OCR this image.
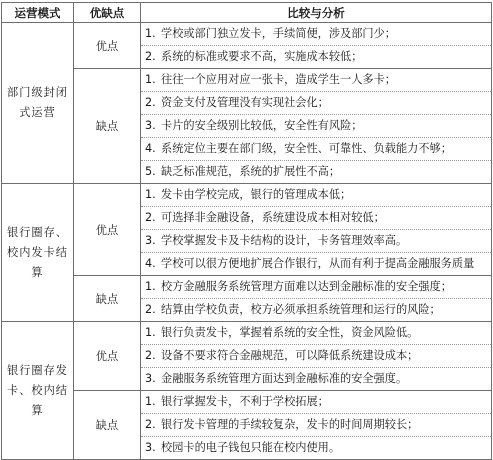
运营模式	优缺点	比较与分析
部门级封闭式运营	优点	1. 学校或部门独立发卡，手续简便，涉及部门少；
2. 系统的标准或要求不高，实施成本较低；

	缺点	1. 往往一个应用对应一张卡，造成学生一人多卡；
2. 资金支付及管理没有实现社会化；
3. 卡片的安全级别比较低，安全性有风险；
4. 系统定位主要在部门级，安全性、可靠性、负载能力不够；
5. 缺乏标准规范，系统的扩展性不高；

银行圈存、校内发卡结算	优点	1. 发卡由学校完成，银行的管理成本低；
2. 可选择非金融设备，系统建设成本相对较低；
3. 学校掌握发卡及卡结构的设计，卡务管理效率高。
4. 学校可以很方便地扩展合作银行，从而有利于提高金融服务质量

	缺点	1. 校方金融服务系统管理方面难以达到金融标准的安全强度；
2. 结算由学校负责，校方必须承担系统管理和运行的风险；

银行圈存发卡、校内结算	优点	1. 银行负责发卡，掌握着系统的安全性，资金风险低。
2. 设备不要求符合金融规范，可以降低系统建设成本；
3. 金融服务系统管理方面达到金融标准的安全强度。

	缺点	1. 银行掌握发卡，不利于学校拓展；
2. 银行发卡管理的手续较复杂，发卡的时间周期较长；
3. 校园卡的电子钱包只能在校内使用。
